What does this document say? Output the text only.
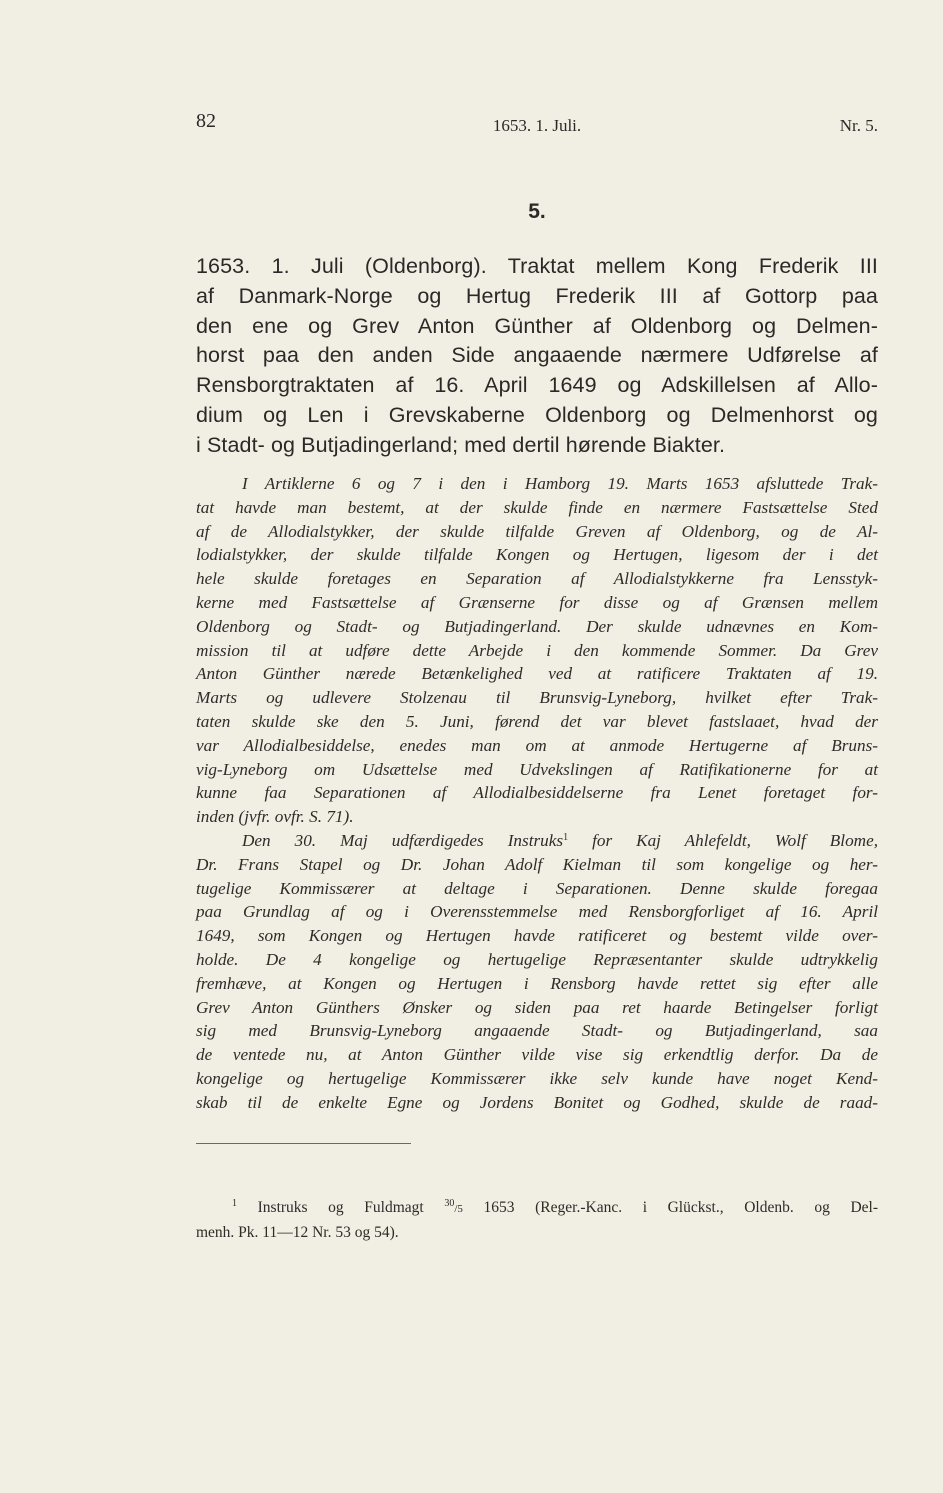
82	1653. 1. Juli.	Nr. 5.
5.
1653. 1. Juli (Oldenborg). Traktat mellem Kong Frederik III
af Danmark-Norge og Hertug Frederik III af Gottorp paa
den ene og Grev Anton Günther af Oldenborg og Delmen-
horst paa den anden Side angaaende nærmere Udførelse af
Rensborgtraktaten af 16. April 1649 og Adskillelsen af Allo-
dium og Len i Grevskaberne Oldenborg og Delmenhorst og
i Stadt- og Butjadingerland; med dertil hørende Biakter.
I Artiklerne 6 og 7 i den i Hamborg 19. Marts 1653 afsluttede Trak-
tat havde man bestemt, at der skulde finde en nærmere Fastsættelse Sted
af de Allodialstykker, der skulde tilfalde Greven af Oldenborg, og de Al-
lodialstykker, der skulde tilfalde Kongen og Hertugen, ligesom der i det
hele skulde foretages en Separation af Allodialstykkerne fra Lensstyk-
kerne med Fastsættelse af Grænserne for disse og af Grænsen mellem
Oldenborg og Stadt- og Butjadingerland. Der skulde udnævnes en Kom-
mission til at udføre dette Arbejde i den kommende Sommer. Da Grev
Anton Günther nærede Betænkelighed ved at ratificere Traktaten af 19.
Marts og udlevere Stolzenau til Brunsvig-Lyneborg, hvilket efter Trak-
taten skulde ske den 5. Juni, førend det var blevet fastslaaet, hvad der
var Allodialbesiddelse, enedes man om at anmode Hertugerne af Bruns-
vig-Lyneborg om Udsættelse med Udvekslingen af Ratifikationerne for at
kunne faa Separationen af Allodialbesiddelserne fra Lenet foretaget for-
inden (jvfr. ovfr. S. 71).
Den 30. Maj udfærdigedes Instruks$^1$ for Kaj Ahlefeldt, Wolf Blome,
Dr. Frans Stapel og Dr. Johan Adolf Kielman til som kongelige og her-
tugelige Kommissærer at deltage i Separationen. Denne skulde foregaa
paa Grundlag af og i Overensstemmelse med Rensborgforliget af 16. April
1649, som Kongen og Hertugen havde ratificeret og bestemt vilde over-
holde. De 4 kongelige og hertugelige Repræsentanter skulde udtrykkelig
fremhæve, at Kongen og Hertugen i Rensborg havde rettet sig efter alle
Grev Anton Günthers Ønsker og siden paa ret haarde Betingelser forligt
sig med Brunsvig-Lyneborg angaaende Stadt- og Butjadingerland, saa
de ventede nu, at Anton Günther vilde vise sig erkendtlig derfor. Da de
kongelige og hertugelige Kommissærer ikke selv kunde have noget Kend-
skab til de enkelte Egne og Jordens Bonitet og Godhed, skulde de raad-
$^1$ Instruks og Fuldmagt $^{30}$/5 1653 (Reger.-Kanc. i Glückst., Oldenb. og Del-
menh. Pk. 11—12 Nr. 53 og 54).
